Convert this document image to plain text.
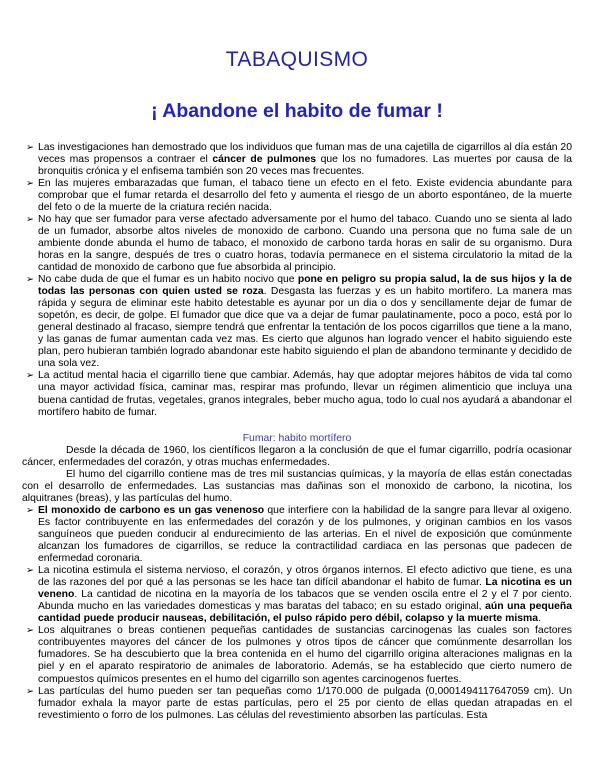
TABAQUISMO
¡ Abandone el habito de fumar !
➢ Las investigaciones han demostrado que los individuos que fuman mas de una cajetilla de cigarrillos al día están 20 veces mas propensos a contraer el cáncer de pulmones que los no fumadores. Las muertes por causa de la bronquitis crónica y el enfisema también son 20 veces mas frecuentes.
➢ En las mujeres embarazadas que fuman, el tabaco tiene un efecto en el feto. Existe evidencia abundante para comprobar que el fumar retarda el desarrollo del feto y aumenta el riesgo de un aborto espontáneo, de la muerte del feto o de la muerte de la criatura recién nacida.
➢ No hay que ser fumador para verse afectado adversamente por el humo del tabaco. Cuando uno se sienta al lado de un fumador, absorbe altos niveles de monoxido de carbono. Cuando una persona que no fuma sale de un ambiente donde abunda el humo de tabaco, el monoxido de carbono tarda horas en salir de su organismo. Dura horas en la sangre, después de tres o cuatro horas, todavía permanece en el sistema circulatorio la mitad de la cantidad de monoxido de carbono que fue absorbida al principio.
➢ No cabe duda de que el fumar es un habito nocivo que pone en peligro su propia salud, la de sus hijos y la de todas las personas con quien usted se roza. Desgasta las fuerzas y es un habito mortifero. La manera mas rápida y segura de eliminar este habito detestable es ayunar por un dia o dos y sencillamente dejar de fumar de sopetón, es decir, de golpe. El fumador que dice que va a dejar de fumar paulatinamente, poco a poco, está por lo general destinado al fracaso, siempre tendrá que enfrentar la tentación de los pocos cigarrillos que tiene a la mano, y las ganas de fumar aumentan cada vez mas. Es cierto que algunos han logrado vencer el habito siguiendo este plan, pero hubieran también logrado abandonar este habito siguiendo el plan de abandono terminante y decidido de una sola vez.
➢ La actitud mental hacia el cigarrillo tiene que cambiar. Además, hay que adoptar mejores hábitos de vida tal como una mayor actividad física, caminar mas, respirar mas profundo, llevar un régimen alimenticio que incluya una buena cantidad de frutas, vegetales, granos integrales, beber mucho agua, todo lo cual nos ayudará a abandonar el mortífero habito de fumar.

Fumar: habito mortífero

Desde la década de 1960, los científicos llegaron a la conclusión de que el fumar cigarrillo, podría ocasionar cáncer, enfermedades del corazón, y otras muchas enfermedades.

El humo del cigarrillo contiene mas de tres mil sustancias químicas, y la mayoría de ellas están conectadas con el desarrollo de enfermedades. Las sustancias mas dañinas son el monoxido de carbono, la nicotina, los alquitranes (breas), y las partículas del humo.

➢ El monoxido de carbono es un gas venenoso que interfiere con la habilidad de la sangre para llevar al oxigeno. Es factor contribuyente en las enfermedades del corazón y de los pulmones, y originan cambios en los vasos sanguíneos que pueden conducir al endurecimiento de las arterias. En el nivel de exposición que comúnmente alcanzan los fumadores de cigarrillos, se reduce la contractilidad cardiaca en las personas que padecen de enfermedad coronaria.
➢ La nicotina estimula el sistema nervioso, el corazón, y otros órganos internos. El efecto adictivo que tiene, es una de las razones del por qué a las personas se les hace tan difícil abandonar el habito de fumar. La nicotina es un veneno. La cantidad de nicotina en la mayoría de los tabacos que se venden oscila entre el 2 y el 7 por ciento. Abunda mucho en las variedades domesticas y mas baratas del tabaco; en su estado original, aún una pequeña cantidad puede producir nauseas, debilitación, el pulso rápido pero débil, colapso y la muerte misma.
➢ Los alquitranes o breas contienen pequeñas cantidades de sustancias carcinogenas las cuales son factores contribuyentes mayores del cáncer de los pulmones y otros tipos de cáncer que comúnmente desarrollan los fumadores. Se ha descubierto que la brea contenida en el humo del cigarrillo origina alteraciones malignas en la piel y en el aparato respiratorio de animales de laboratorio. Además, se ha establecido que cierto numero de compuestos químicos presentes en el humo del cigarrillo son agentes carcinogenos fuertes.
➢ Las partículas del humo pueden ser tan pequeñas como 1/170.000 de pulgada (0,0001494117647059 cm). Un fumador exhala la mayor parte de estas partículas, pero el 25 por ciento de ellas quedan atrapadas en el revestimiento o forro de los pulmones. Las células del revestimiento absorben las partículas. Esta
